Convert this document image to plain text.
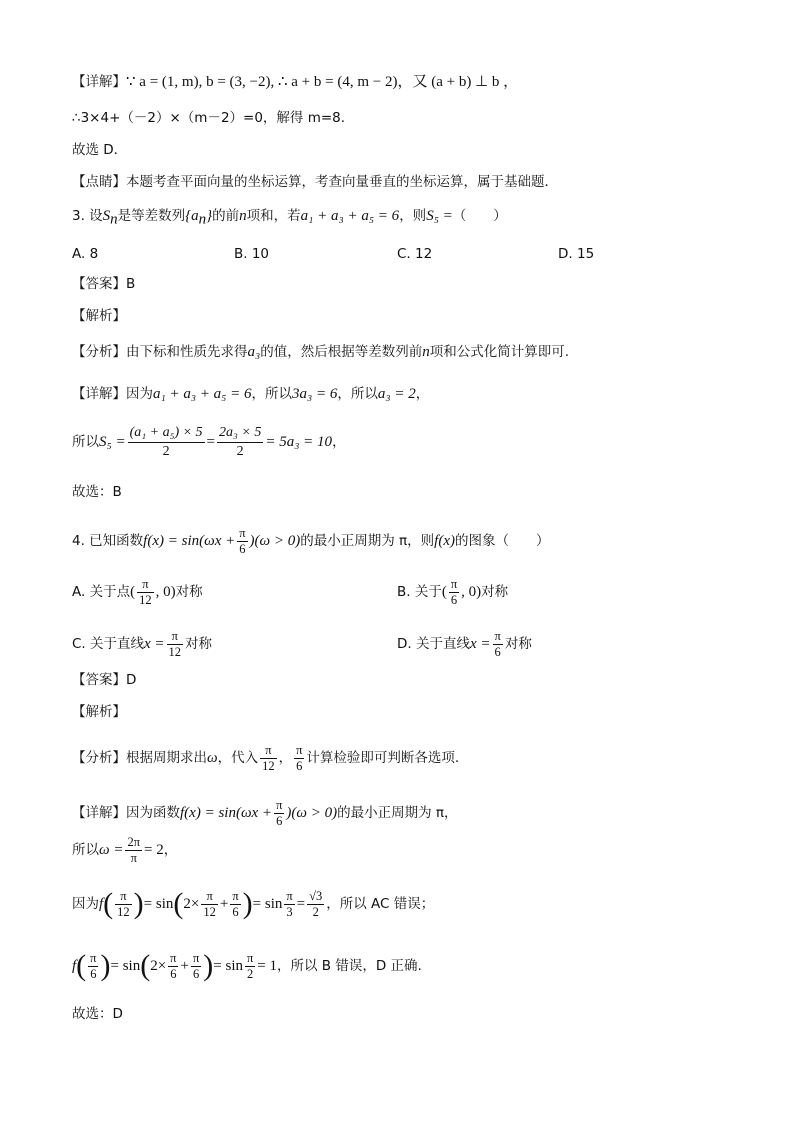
【详解】∵ a = (1, m), b = (3, −2), ∴ a + b = (4, m − 2)，又 (a + b) ⊥ b ，
∴3×4+（－2）×（m－2）=0，解得 m=8．
故选 D．
【点睛】本题考查平面向量的坐标运算，考查向量垂直的坐标运算，属于基础题．
3. 设$S_n$是等差数列$\{a_n\}$的前n项和，若a₁ + a₃ + a₅ = 6，则S₅ =（　　）
A. 8	B. 10	C. 12	D. 15
【答案】B
【解析】
【分析】由下标和性质先求得a₃的值，然后根据等差数列前n项和公式化简计算即可.
【详解】因为a₁ + a₃ + a₅ = 6，所以3a₃ = 6，所以a₃ = 2，
所以$S_5 = \frac{\text{(a₁ + a₅) × 5}}{2} = \frac{\text{2a₃ × 5}}{2} = 5a_3 = 10$，
故选：B
4. 已知函数$f(x) = \sin(\omega x + \frac{\pi}{6} )(\omega > 0)$的最小正周期为 π，则f(x)的图象（　　）
A. 关于点( $\frac{\pi}{12}$ , 0)对称	B. 关于( $\frac{\pi}{6}$ , 0)对称
C. 关于直线$x = \frac{\pi}{12}$ 对称	D. 关于直线$x = \frac{\pi}{6}$ 对称
【答案】D
【解析】
【分析】根据周期求出ω，代入 $\frac{\pi}{12}$ ， $\frac{\pi}{6}$ 计算检验即可判断各选项.
【详解】因为函数$f(x) = \sin(\omega x + \frac{\pi}{6} )(\omega > 0)$的最小正周期为 π，
所以$\omega = \frac{2\pi}{\pi} = 2$，
因为$f( \frac{\pi}{12}$ )= $\sin(2\times \frac{\pi}{12} + \frac{\pi}{6}$ )= $\sin \frac{\pi}{3} = \frac{√3}{2}$ ，所以 AC 错误；
$f( \frac{\pi}{6}$ )= $\sin(2\times \frac{\pi}{6} + \frac{\pi}{6}$ )= $\sin \frac{\pi}{2} = 1$，所以 B 错误，D 正确.
故选：D
